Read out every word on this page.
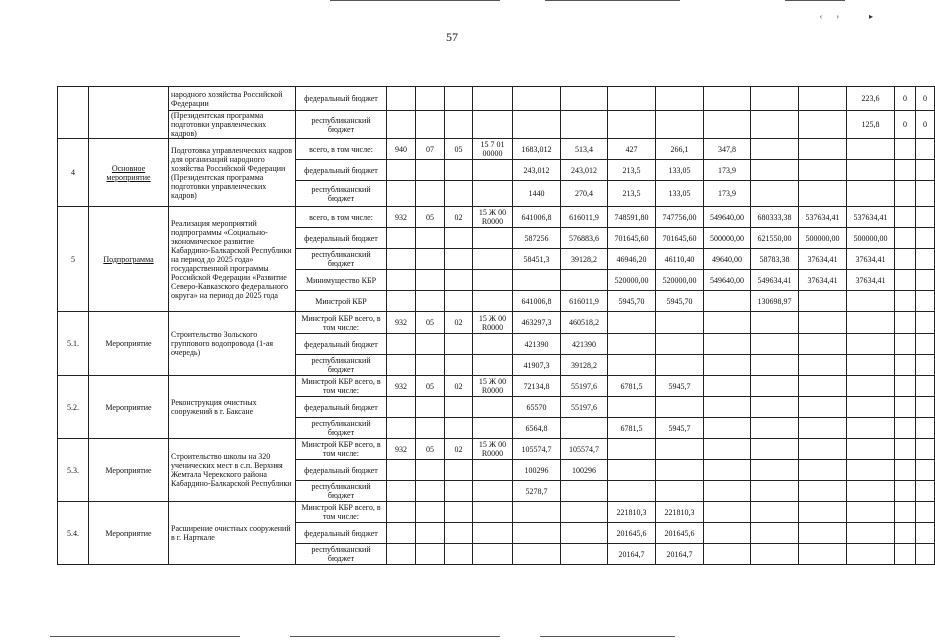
‹› ▸
57
		народного хозяйства Российской Федерации	федеральный бюджет												223,6	0	0
		(Президентская программа подготовки управленческих кадров)	республиканский бюджет												125,8	0	0
4	Основное мероприятие	Подготовка управленческих кадров для организаций народного хозяйства Российской Федерации (Президентская программа подготовки управленческих кадров)	всего, в том числе:	940	07	05	15 7 01 00000	1683,012	513,4	427	266,1	347,8					
			федеральный бюджет					243,012	243,012	213,5	133,05	173,9					
			республиканский бюджет					1440	270,4	213,5	133,05	173,9					
5	Подпрограмма	Реализация мероприятий подпрограммы «Социально-экономическое развитие Кабардино-Балкарской Республики на период до 2025 года» государственной программы Российской Федерации «Развитие Северо-Кавказского федерального округа» на период до 2025 года	всего, в том числе:	932	05	02	15 Ж 00 R0000	641006,8	616011,9	748591,80	747756,00	549640,00	680333,38	537634,41	537634,41		
			федеральный бюджет					587256	576883,6	701645,60	701645,60	500000,00	621550,00	500000,00	500000,00		
			республиканский бюджет					58451,3	39128,2	46946,20	46110,40	49640,00	58783,38	37634,41	37634,41		
			Минимущество КБР							520000,00	520000,00	549640,00	549634,41	37634,41	37634,41		
			Минстрой КБР					641006,8	616011,9	5945,70	5945,70		130698,97				
5.1.	Мероприятие	Строительство Зольского группового водопровода (1-ая очередь)	Минстрой КБР всего, в том числе:	932	05	02	15 Ж 00 R0000	463297,3	460518,2								
			федеральный бюджет					421390	421390								
			республиканский бюджет					41907,3	39128,2								
5.2.	Мероприятие	Реконструкция очистных сооружений в г. Баксане	Минстрой КБР всего, в том числе:	932	05	02	15 Ж 00 R0000	72134,8	55197,6	6781,5	5945,7						
			федеральный бюджет					65570	55197,6								
			республиканский бюджет					6564,8		6781,5	5945,7						
5.3.	Мероприятие	Строительство школы на 320 ученических мест в с.п. Верхняя Жемтала Черекского района Кабардино-Балкарской Республики	Минстрой КБР всего, в том числе:	932	05	02	15 Ж 00 R0000	105574,7	105574,7								
			федеральный бюджет					100296	100296								
			республиканский бюджет					5278,7									
5.4.	Мероприятие	Расширение очистных сооружений в г. Нарткале	Минстрой КБР всего, в том числе:							221810,3	221810,3						
			федеральный бюджет							201645,6	201645,6						
			республиканский бюджет							20164,7	20164,7						
